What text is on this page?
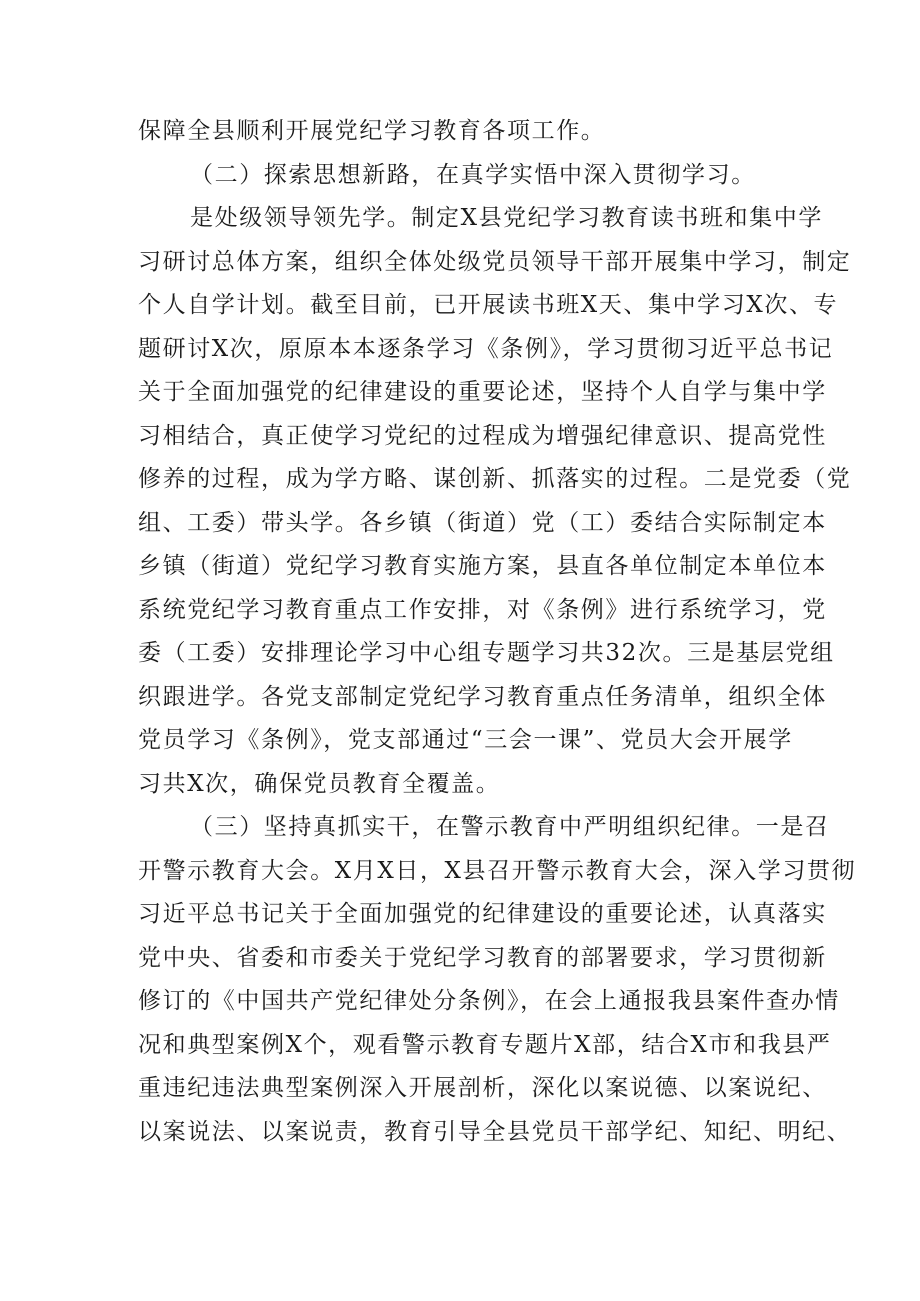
保障全县顺利开展党纪学习教育各项工作。
（二）探索思想新路，在真学实悟中深入贯彻学习。
是处级领导领先学。制定X县党纪学习教育读书班和集中学
习研讨总体方案，组织全体处级党员领导干部开展集中学习，制定
个人自学计划。截至目前，已开展读书班X天、集中学习X次、专
题研讨X次，原原本本逐条学习《条例》，学习贯彻习近平总书记
关于全面加强党的纪律建设的重要论述，坚持个人自学与集中学
习相结合，真正使学习党纪的过程成为增强纪律意识、提高党性
修养的过程，成为学方略、谋创新、抓落实的过程。二是党委（党
组、工委）带头学。各乡镇（街道）党（工）委结合实际制定本
乡镇（街道）党纪学习教育实施方案，县直各单位制定本单位本
系统党纪学习教育重点工作安排，对《条例》进行系统学习，党
委（工委）安排理论学习中心组专题学习共32次。三是基层党组
织跟进学。各党支部制定党纪学习教育重点任务清单，组织全体
党员学习《条例》，党支部通过“三会一课”、党员大会开展学
习共X次，确保党员教育全覆盖。
（三）坚持真抓实干，在警示教育中严明组织纪律。一是召
开警示教育大会。X月X日，X县召开警示教育大会，深入学习贯彻
习近平总书记关于全面加强党的纪律建设的重要论述，认真落实
党中央、省委和市委关于党纪学习教育的部署要求，学习贯彻新
修订的《中国共产党纪律处分条例》，在会上通报我县案件查办情
况和典型案例X个，观看警示教育专题片X部，结合X市和我县严
重违纪违法典型案例深入开展剖析，深化以案说德、以案说纪、
以案说法、以案说责，教育引导全县党员干部学纪、知纪、明纪、
